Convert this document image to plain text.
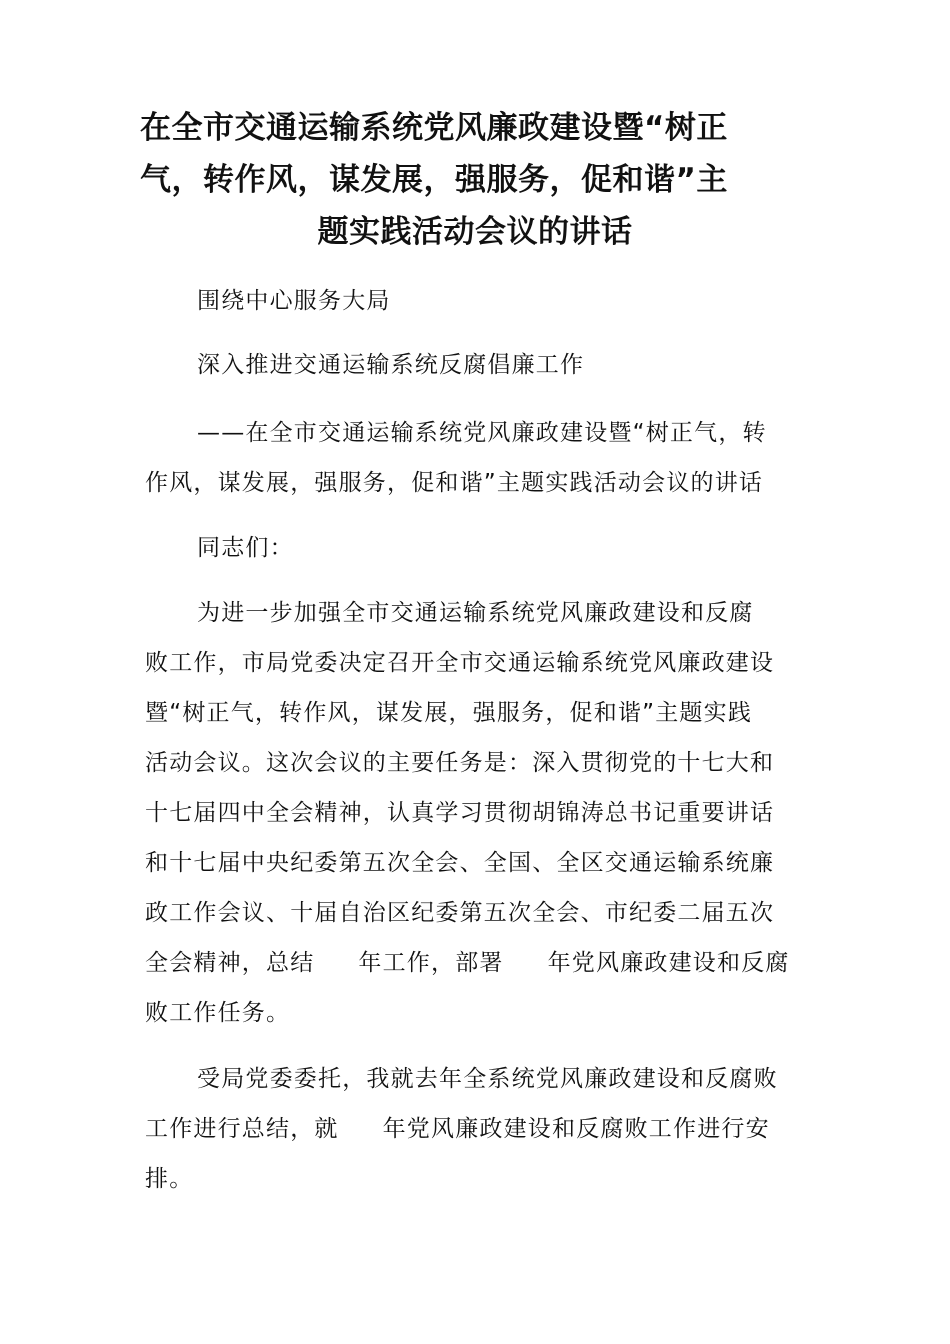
在全市交通运输系统党风廉政建设暨“树正
气，转作风，谋发展，强服务，促和谐”主
题实践活动会议的讲话

围绕中心服务大局

深入推进交通运输系统反腐倡廉工作

——在全市交通运输系统党风廉政建设暨“树正气，转
作风，谋发展，强服务，促和谐”主题实践活动会议的讲话

同志们：

为进一步加强全市交通运输系统党风廉政建设和反腐
败工作，市局党委决定召开全市交通运输系统党风廉政建设
暨“树正气，转作风，谋发展，强服务，促和谐”主题实践
活动会议。这次会议的主要任务是：深入贯彻党的十七大和
十七届四中全会精神，认真学习贯彻胡锦涛总书记重要讲话
和十七届中央纪委第五次全会、全国、全区交通运输系统廉
政工作会议、十届自治区纪委第五次全会、市纪委二届五次
全会精神，总结 年工作，部署 年党风廉政建设和反腐
败工作任务。

受局党委委托，我就去年全系统党风廉政建设和反腐败
工作进行总结，就 年党风廉政建设和反腐败工作进行安
排。
